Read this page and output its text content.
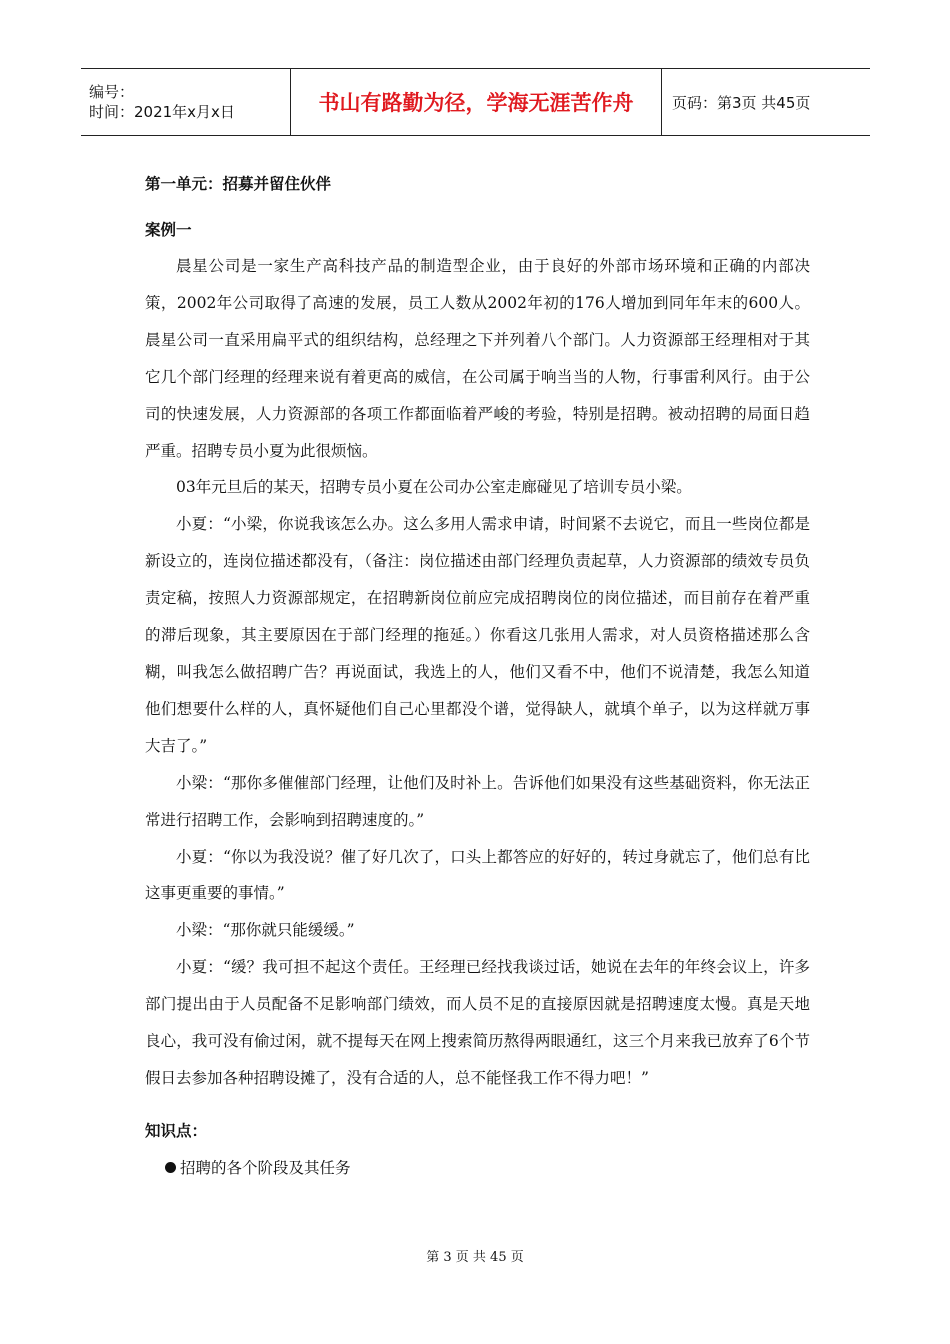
编号：
时间：2021年x月x日	书山有路勤为径，学海无涯苦作舟	页码：第3页 共45页
第一单元：招募并留住伙伴
案例一

晨星公司是一家生产高科技产品的制造型企业，由于良好的外部市场环境和正确的内部决策，2002年公司取得了高速的发展，员工人数从2002年初的176人增加到同年年末的600人。晨星公司一直采用扁平式的组织结构，总经理之下并列着八个部门。人力资源部王经理相对于其它几个部门经理的经理来说有着更高的威信，在公司属于响当当的人物，行事雷利风行。由于公司的快速发展，人力资源部的各项工作都面临着严峻的考验，特别是招聘。被动招聘的局面日趋严重。招聘专员小夏为此很烦恼。

03年元旦后的某天，招聘专员小夏在公司办公室走廊碰见了培训专员小梁。

小夏：“小梁，你说我该怎么办。这么多用人需求申请，时间紧不去说它，而且一些岗位都是新设立的，连岗位描述都没有，（备注：岗位描述由部门经理负责起草，人力资源部的绩效专员负责定稿，按照人力资源部规定，在招聘新岗位前应完成招聘岗位的岗位描述，而目前存在着严重的滞后现象，其主要原因在于部门经理的拖延。）你看这几张用人需求，对人员资格描述那么含糊，叫我怎么做招聘广告？再说面试，我选上的人，他们又看不中，他们不说清楚，我怎么知道他们想要什么样的人，真怀疑他们自己心里都没个谱，觉得缺人，就填个单子，以为这样就万事大吉了。”

小梁：“那你多催催部门经理，让他们及时补上。告诉他们如果没有这些基础资料，你无法正常进行招聘工作，会影响到招聘速度的。”

小夏：“你以为我没说？催了好几次了，口头上都答应的好好的，转过身就忘了，他们总有比这事更重要的事情。”

小梁：“那你就只能缓缓。”

小夏：“缓？我可担不起这个责任。王经理已经找我谈过话，她说在去年的年终会议上，许多部门提出由于人员配备不足影响部门绩效，而人员不足的直接原因就是招聘速度太慢。真是天地良心，我可没有偷过闲，就不提每天在网上搜索简历熬得两眼通红，这三个月来我已放弃了6个节假日去参加各种招聘设摊了，没有合适的人，总不能怪我工作不得力吧！”

知识点：
招聘的各个阶段及其任务
第 3 页 共 45 页
